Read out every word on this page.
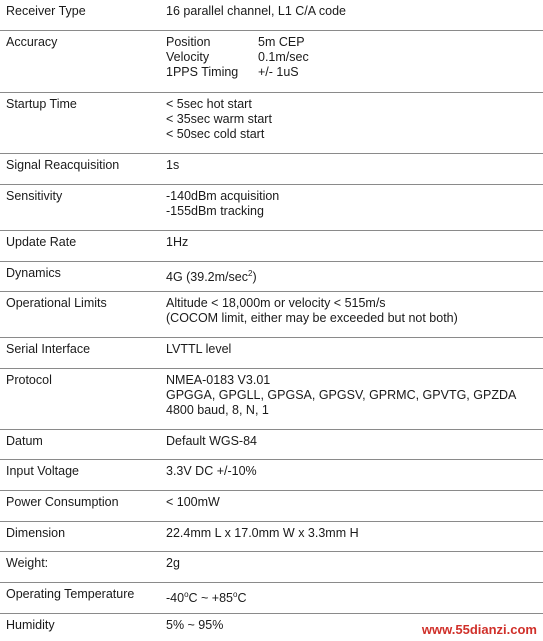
Receiver Type	16 parallel channel, L1 C/A code
Accuracy	Position	5m CEP
Velocity	0.1m/sec
1PPS Timing +/- 1uS
Startup Time	< 5sec hot start
< 35sec warm start
< 50sec cold start
Signal Reacquisition	1s
Sensitivity	-140dBm acquisition
-155dBm tracking
Update Rate	1Hz
Dynamics	4G $(39.2m/\sec^2)$
Operational Limits	Altitude < 18,000m or velocity < 515m/s
(COCOM limit, either may be exceeded but not both)
Serial Interface	LVTTL level
Protocol	NMEA-0183 V3.01
GPGGA, GPGLL, GPGSA, GPGSV, GPRMC, GPVTG, GPZDA
4800 baud, 8, N, 1
Datum	Default WGS-84
Input Voltage	3.3V DC +/-10%
Power Consumption	< 100mW
Dimension	22.4mm L x 17.0mm W x 3.3mm H
Weight:	2g
Operating Temperature	-40$^o$C ~ $+85^oC$
Humidity	5% ~ 95%	www.55dianzi.com
